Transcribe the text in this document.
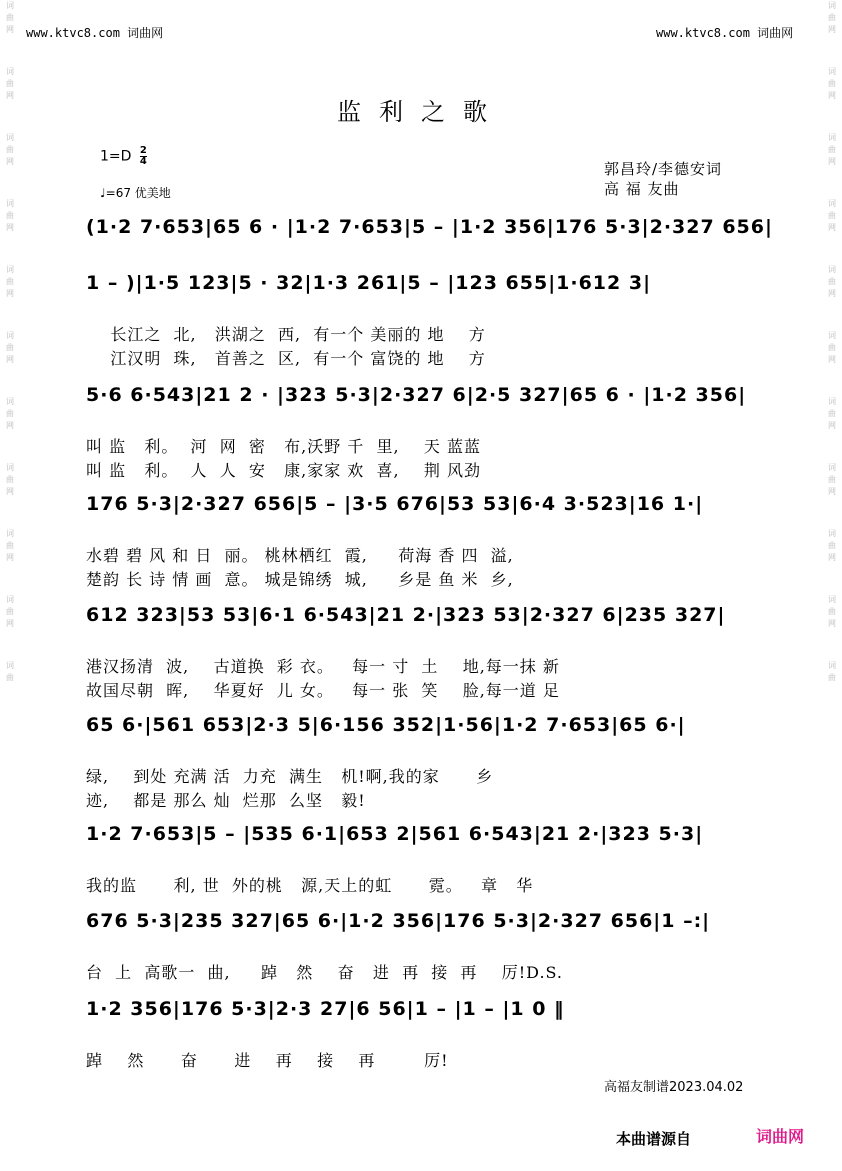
词
曲
网
词
曲
网
词
曲
网
词
曲
网
词
曲
网
词
曲
网
词
曲
网
词
曲
网
词
曲
网
词
曲
网
词
曲
词
曲
网
词
曲
网
词
曲
网
词
曲
网
词
曲
网
词
曲
网
词
曲
网
词
曲
网
词
曲
网
词
曲
网
词
曲
www.ktvc8.com 词曲网	www.ktvc8.com 词曲网
监利之歌
$1=D \frac{2}{4}$
♩=67 优美地
郭昌玲/李德安词
高 福 友曲
(1·2 7·653|65 6 · |1·2 7·653|5 – |1·2 356|176 5·3|2·327 656|
1 – )|1·5 123|5 · 32|1·3 261|5 – |123 655|1·612 3|
长江之  北,   洪湖之  西,  有一个 美丽的 地    方
江汉明  珠,   首善之  区,  有一个 富饶的 地    方
5·6 6·543|21 2 · |323 5·3|2·327 6|2·5 327|65 6 · |1·2 356|
叫 监   利。  河  网  密   布,沃野 千  里,    天 蓝蓝
叫 监   利。  人  人  安   康,家家 欢  喜,    荆 风劲
176 5·3|2·327 656|5 – |3·5 676|53 53|6·4 3·523|16 1·|
水碧 碧 风 和 日  丽。 桃林栖红  霞,     荷海 香 四  溢,
楚韵 长 诗 情 画  意。 城是锦绣  城,     乡是 鱼 米  乡,
612 323|53 53|6·1 6·543|21 2·|323 53|2·327 6|235 327|
港汉扬清  波,    古道换  彩 衣。   每一 寸  土    地,每一抹 新
故国尽朝  晖,    华夏好  儿 女。   每一 张  笑    脸,每一道 足
65 6·|561 653|2·3 5|6·156 352|1·56|1·2 7·653|65 6·|
绿,    到处 充满 活  力充  满生   机!啊,我的家      乡
迹,    都是 那么 灿  烂那  么坚   毅!
1·2 7·653|5 – |535 6·1|653 2|561 6·543|21 2·|323 5·3|
我的监      利, 世  外的桃   源,天上的虹      霓。   章   华
676 5·3|235 327|65 6·|1·2 356|176 5·3|2·327 656|1 –:|
台  上  高歌一  曲,     踔   然    奋   进  再  接  再    厉!D.S.
1·2 356|176 5·3|2·3 27|6 56|1 – |1 – |1 0 ‖
踔    然      奋      进    再    接    再        厉!
高福友制谱2023.04.02
本曲谱源自	词曲网
